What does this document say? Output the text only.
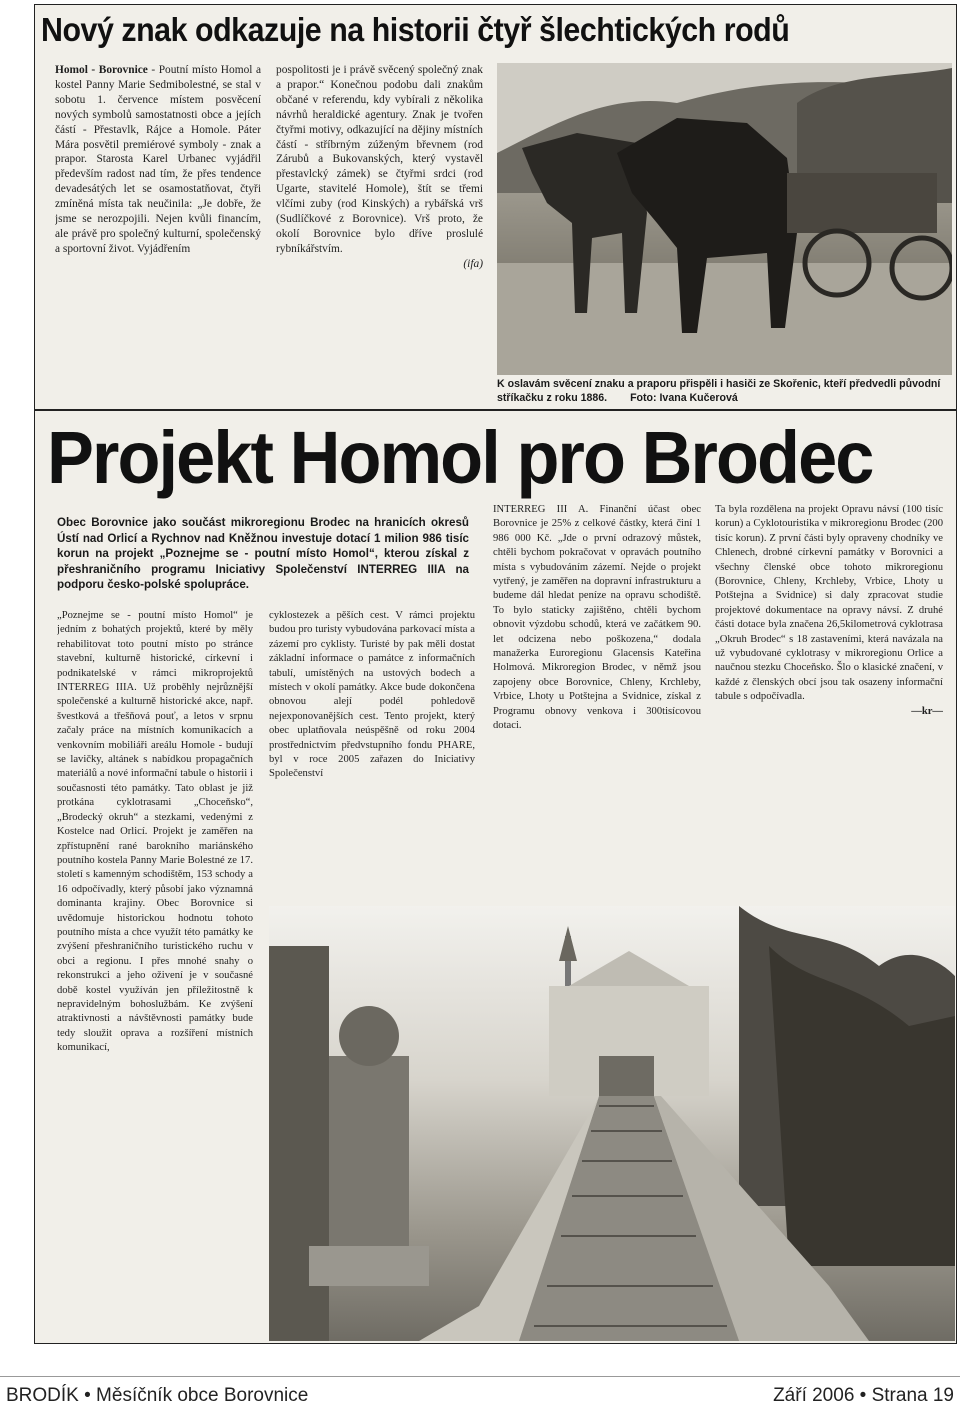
Nový znak odkazuje na historii čtyř šlechtických rodů
Homol - Borovnice - Poutní místo Homol a kostel Panny Marie Sedmibolestné, se stal v sobotu 1. července místem posvěcení nových symbolů samostatnosti obce a jejích částí - Přestavlk, Rájce a Homole. Páter Mára posvětil premiérové symboly - znak a prapor. Starosta Karel Urbanec vyjádřil především radost nad tím, že přes tendence devadesátých let se osamostatňovat, čtyři zmíněná místa tak neučinila: „Je dobře, že jsme se nerozpojili. Nejen kvůli financím, ale právě pro společný kulturní, společenský a sportovní život. Vyjádřením
pospolitosti je i právě svěcený společný znak a prapor.“ Konečnou podobu dali znakům občané v referendu, kdy vybírali z několika návrhů heraldické agentury. Znak je tvořen čtyřmi motivy, odkazující na dějiny místních částí - stříbrným zúženým břevnem (rod Zárubů a Bukovanských, který vystavěl přestavlcký zámek) se čtyřmi srdci (rod Ugarte, stavitelé Homole), štít se třemi vlčími zuby (rod Kinských) a rybářská vrš (Sudlíčkové z Borovnice). Vrš proto, že okolí Borovnice bylo dříve proslulé rybníkářstvím.
(ifa)
K oslavám svěcení znaku a praporu přispěli i hasiči ze Skořenic, kteří předvedli původní stříkačku z roku 1886. Foto: Ivana Kučerová
Projekt Homol pro Brodec
Obec Borovnice jako součást mikroregionu Brodec na hranicích okresů Ústí nad Orlicí a Rychnov nad Kněžnou investuje dotací 1 milion 986 tisíc korun na projekt „Poznejme se - poutní místo Homol“, kterou získal z přeshraničního programu Iniciativy Společenství INTERREG IIIA na podporu česko-polské spolupráce.
„Poznejme se - poutní místo Homol“ je jedním z bohatých projektů, které by měly rehabilitovat toto poutní místo po stránce stavební, kulturně historické, církevní i podnikatelské v rámci mikroprojektů INTERREG IIIA. Už proběhly nejrůznější společenské a kulturně historické akce, např. švestková a třešňová pouť, a letos v srpnu začaly práce na místních komunikacích a venkovním mobiliáři areálu Homole - budují se lavičky, altánek s nabídkou propagačních materiálů a nové informační tabule o historii i současnosti této památky. Tato oblast je již protkána cyklotrasami „Choceňsko“, „Brodecký okruh“ a stezkami, vedenými z Kostelce nad Orlicí. Projekt je zaměřen na zpřístupnění rané barokního mariánského poutního kostela Panny Marie Bolestné ze 17. století s kamenným schodištěm, 153 schody a 16 odpočívadly, který působí jako významná dominanta krajiny. Obec Borovnice si uvědomuje historickou hodnotu tohoto poutního místa a chce využít této památky ke zvýšení přeshraničního turistického ruchu v obci a regionu. I přes mnohé snahy o rekonstrukci a jeho oživení je v současné době kostel využíván jen příležitostně k nepravidelným bohoslužbám. Ke zvýšení atraktivnosti a návštěvnosti památky bude tedy sloužit oprava a rozšíření místních komunikací,
cyklostezek a pěších cest. V rámci projektu budou pro turisty vybudována parkovací místa a zázemí pro cyklisty. Turisté by pak měli dostat základní informace o památce z informačních tabulí, umístěných na ustových bodech a místech v okolí památky. Akce bude dokončena obnovou alejí podél pohledově nejexponovanějších cest. Tento projekt, který obec uplatňovala neúspěšně od roku 2004 prostřednictvím předvstupního fondu PHARE, byl v roce 2005 zařazen do Iniciativy Společenství
INTERREG III A. Finanční účast obec Borovnice je 25% z celkové částky, která činí 1 986 000 Kč. „Jde o první odrazový můstek, chtěli bychom pokračovat v opravách poutního místa s vybudováním zázemí. Nejde o projekt vytřený, je zaměřen na dopravní infrastrukturu a budeme dál hledat peníze na opravu schodiště. To bylo staticky zajištěno, chtěli bychom obnovit výzdobu schodů, která ve začátkem 90. let odcizena nebo poškozena,“ dodala manažerka Euroregionu Glacensis Kateřina Holmová. Mikroregion Brodec, v němž jsou zapojeny obce Borovnice, Chleny, Krchleby, Vrbice, Lhoty u Potštejna a Svidnice, získal z Programu obnovy venkova i 300tisícovou dotaci.
Ta byla rozdělena na projekt Opravu návsí (100 tisíc korun) a Cyklotouristika v mikroregionu Brodec (200 tisíc korun). Z první části byly opraveny chodníky ve Chlenech, drobné církevní památky v Borovnici a všechny členské obce tohoto mikroregionu (Borovnice, Chleny, Krchleby, Vrbice, Lhoty u Potštejna a Svidnice) si daly zpracovat studie projektové dokumentace na opravy návsí. Z druhé části dotace byla značena 26,5kilometrová cyklotrasa „Okruh Brodec“ s 18 zastaveními, která navázala na už vybudované cyklotrasy v mikroregionu Orlice a naučnou stezku Choceňsko. Šlo o klasické značení, v každé z členských obcí jsou tak osazeny informační tabule s odpočívadla.
—kr—
BRODÍK • Měsíčník obce Borovnice	Září 2006 • Strana 19
